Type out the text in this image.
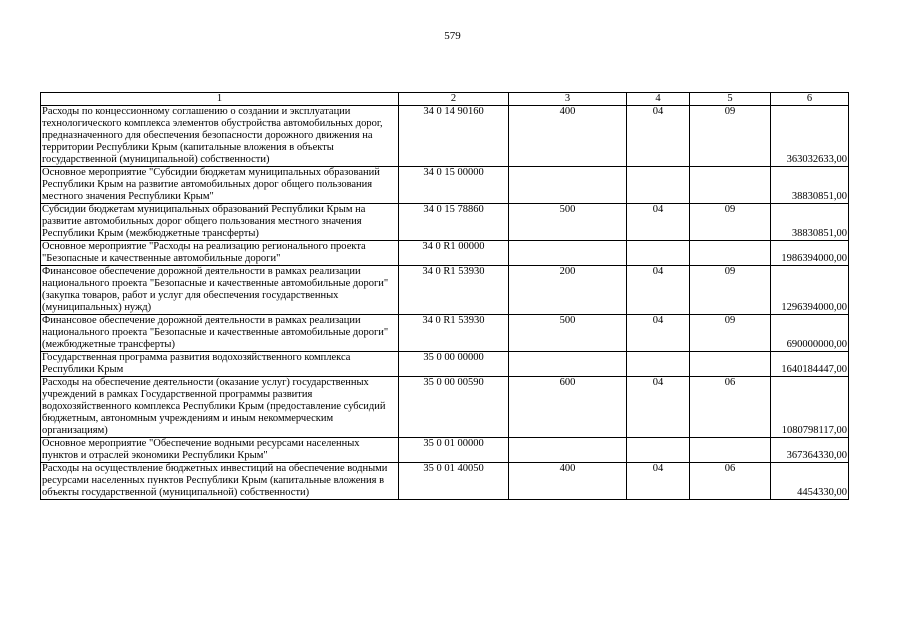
579
1	2	3	4	5	6
Расходы по концессионному соглашению о создании и эксплуатации технологического комплекса элементов обустройства автомобильных дорог, предназначенного для обеспечения безопасности дорожного движения на территории Республики Крым (капитальные вложения в объекты государственной (муниципальной) собственности)	34 0 14 90160	400	04	09	363032633,00
Основное мероприятие "Субсидии бюджетам муниципальных образований Республики Крым на развитие автомобильных дорог общего пользования местного значения Республики Крым"	34 0 15 00000				38830851,00
Субсидии бюджетам муниципальных образований Республики Крым на развитие автомобильных дорог общего пользования местного значения Республики Крым (межбюджетные трансферты)	34 0 15 78860	500	04	09	38830851,00
Основное мероприятие "Расходы на реализацию регионального проекта "Безопасные и качественные автомобильные дороги"	34 0 R1 00000				1986394000,00
Финансовое обеспечение дорожной деятельности в рамках реализации национального проекта "Безопасные и качественные автомобильные дороги" (закупка товаров, работ и услуг для обеспечения государственных (муниципальных) нужд)	34 0 R1 53930	200	04	09	1296394000,00
Финансовое обеспечение дорожной деятельности в рамках реализации национального проекта "Безопасные и качественные автомобильные дороги" (межбюджетные трансферты)	34 0 R1 53930	500	04	09	690000000,00
Государственная программа развития водохозяйственного комплекса Республики Крым	35 0 00 00000				1640184447,00
Расходы на обеспечение деятельности (оказание услуг) государственных учреждений в рамках Государственной программы развития водохозяйственного комплекса Республики Крым (предоставление субсидий бюджетным, автономным учреждениям и иным некоммерческим организациям)	35 0 00 00590	600	04	06	1080798117,00
Основное мероприятие "Обеспечение водными ресурсами населенных пунктов и отраслей экономики Республики Крым"	35 0 01 00000				367364330,00
Расходы на осуществление бюджетных инвестиций на обеспечение водными ресурсами населенных пунктов Республики Крым (капитальные вложения в объекты государственной (муниципальной) собственности)	35 0 01 40050	400	04	06	4454330,00
